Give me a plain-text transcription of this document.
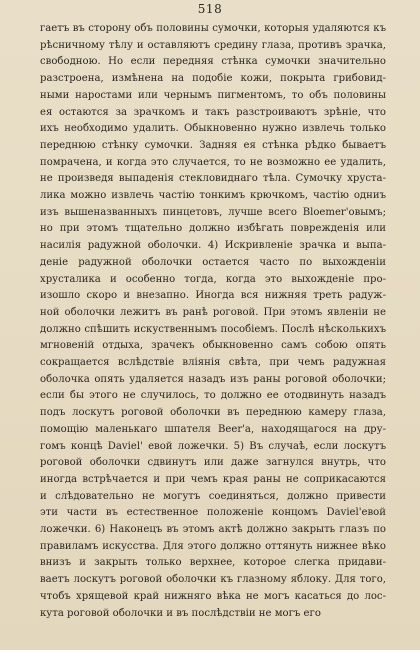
518
гаетъ въ сторону объ половины сумочки, которыя удаляются къ
рѣсничному тѣлу и оставляютъ средину глаза, противъ зрачка,
свободною. Но если передняя стѣнка сумочки значительно
разстроена, измѣнена на подобіе кожи, покрыта грибовид-
ными наростами или чернымъ пигментомъ, то объ половины
ея остаются за зрачкомъ и такъ разстроиваютъ зрѣніе, что
ихъ необходимо удалить. Обыкновенно нужно извлечь только
переднюю стѣнку сумочки. Задняя ея стѣнка рѣдко бываетъ
помрачена, и когда это случается, то не возможно ее удалить,
не произведя выпаденія стекловиднаго тѣла. Сумочку хруста-
лика можно извлечь частію тонкимъ крючкомъ, частію одниъ
изъ вышеназванныхъ пинцетовъ, лучше всего Bloemer'овымъ;
но при этомъ тщательно должно избѣгать поврежденія или
насилія радужной оболочки. 4) Искривленіе зрачка и выпа-
деніе радужной оболочки остается часто по выхожденіи
хрусталика и особенно тогда, когда это выхожденіе про-
изошло скоро и внезапно. Иногда вся нижняя треть радуж-
ной оболочки лежитъ въ ранѣ роговой. При этомъ явленіи не
должно спѣшить искуственнымъ пособіемъ. Послѣ нѣсколькихъ
мгновеній отдыха, зрачекъ обыкновенно самъ собою опять
сокращается вслѣдствіе вліянія свѣта, при чемъ радужная
оболочка опять удаляется назадъ изъ раны роговой оболочки;
если бы этого не случилось, то должно ее отодвинуть назадъ
подъ лоскутъ роговой оболочки въ переднюю камеру глаза,
помощію маленькаго шпателя Beer'а, находящагося на дру-
гомъ концѣ Daviel' евой ложечки. 5) Въ случаѣ, если лоскутъ
роговой оболочки сдвинутъ или даже загнулся внутрь, что
иногда встрѣчается и при чемъ края раны не соприкасаются
и слѣдовательно не могутъ соединяться, должно привести
эти части въ естественное положеніе концомъ Daviel'евой
ложечки. 6) Наконецъ въ этомъ актѣ должно закрыть глазъ по
правиламъ искусства. Для этого должно оттянуть нижнее вѣко
внизъ и закрыть только верхнее, которое слегка придави-
ваетъ лоскутъ роговой оболочки къ глазному яблоку. Для того,
чтобъ хрящевой край нижняго вѣка не могъ касаться до лос-
кута роговой оболочки и въ послѣдствіи не могъ его
